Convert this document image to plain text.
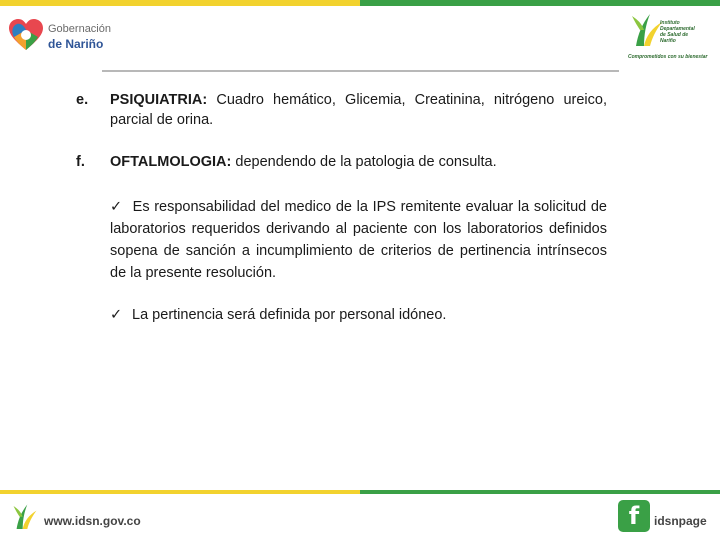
Gobernación
de Nariño
Instituto
Departamental
de Salud de
Nariño
Comprometidos con su bienestar
e. PSIQUIATRIA: Cuadro hemático, Glicemia, Creatinina, nitrógeno ureico, parcial de orina.
f. OFTALMOLOGIA: dependendo de la patologia de consulta.
✓ Es responsabilidad del medico de la IPS remitente evaluar la solicitud de laboratorios requeridos derivando al paciente con los laboratorios definidos sopena de sanción a incumplimiento de criterios de pertinencia intrínsecos de la presente resolución.
✓ La pertinencia será definida por personal idóneo.
www.idsn.gov.co	f	idsnpage
